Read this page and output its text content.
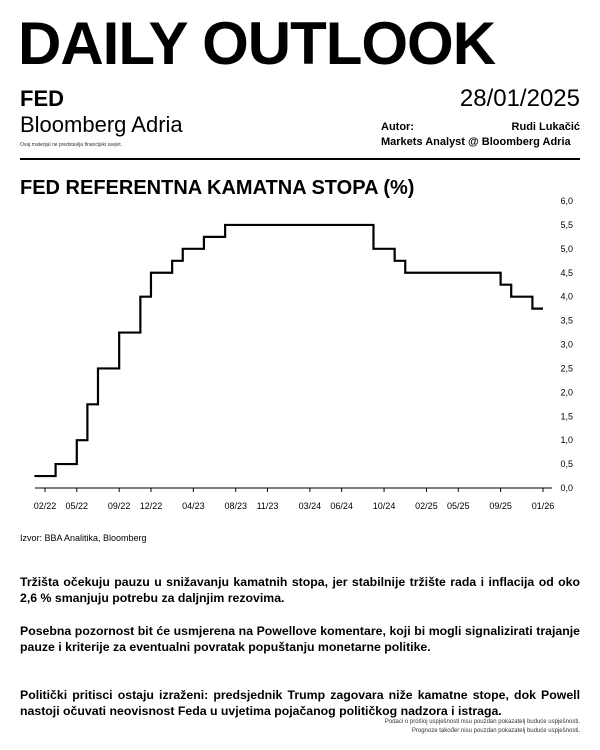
DAILY OUTLOOK
FED	28/01/2025
Bloomberg Adria
Ovaj materijal ne predstavlja financijski savjet.
Autor:	Rudi Lukačić
Markets Analyst @ Bloomberg Adria
FED REFERENTNA KAMATNA STOPA (%)
02/22 05/22 09/22 12/22 04/23 08/23 11/23 03/24 06/24 10/24 02/25 05/25 09/25 01/26
0,0
0,5
1,0
1,5
2,0
2,5
3,0
3,5
4,0
4,5
5,0
5,5
6,0
Izvor: BBA Analitika, Bloomberg

Tržišta očekuju pauzu u snižavanju kamatnih stopa, jer stabilnije tržište rada i inflacija od oko 2,6 % smanjuju potrebu za daljnjim rezovima.

Posebna pozornost bit će usmjerena na Powellove komentare, koji bi mogli signalizirati trajanje pauze i kriterije za eventualni povratak popuštanju monetarne politike.

Politički pritisci ostaju izraženi: predsjednik Trump zagovara niže kamatne stope, dok Powell nastoji očuvati neovisnost Feda u uvjetima pojačanog političkog nadzora i istraga.

Podaci o prošloj uspješnosti nisu pouzdan pokazatelj buduće uspješnosti.
Prognoze također nisu pouzdan pokazatelj buduće uspješnosti.
